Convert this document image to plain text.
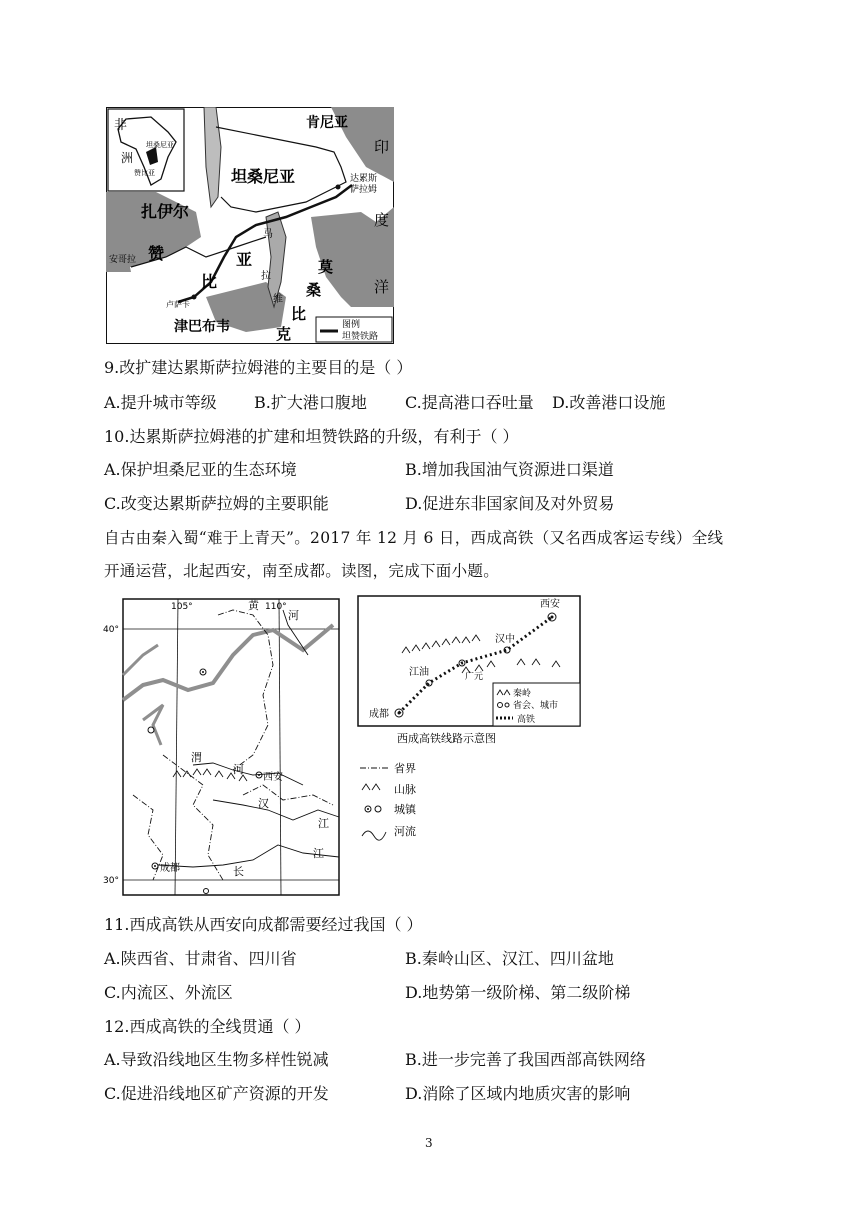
非
洲
坦桑尼亚
赞比亚
肯尼亚
坦桑尼亚	达累斯
萨拉姆
印
度
洋
扎伊尔
安哥拉 赞	亚
比
马
拉
维
莫
桑
比
克
卢萨卡
津巴布韦	图例
坦赞铁路
9.改扩建达累斯萨拉姆港的主要目的是（ ）
A.提升城市等级 B.扩大港口腹地 C.提高港口吞吐量 D.改善港口设施
10.达累斯萨拉姆港的扩建和坦赞铁路的升级，有利于（ ）
A.保护坦桑尼亚的生态环境	B.增加我国油气资源进口渠道
C.改变达累斯萨拉姆的主要职能	D.促进东非国家间及对外贸易
自古由秦入蜀“难于上青天”。2017 年 12 月 6 日，西成高铁（又名西成客运专线）全线
开通运营，北起西安，南至成都。读图，完成下面小题。
105°	黄 110°
河
40°
30°
渭
河
西安
汉
江
江
成都	长
省界
山脉
城镇
河流
西安
汉中
江油	广元
成都
秦岭
省会、城市
高铁
西成高铁线路示意图
11.西成高铁从西安向成都需要经过我国（ ）
A.陕西省、甘肃省、四川省	B.秦岭山区、汉江、四川盆地
C.内流区、外流区	D.地势第一级阶梯、第二级阶梯
12.西成高铁的全线贯通（ ）
A.导致沿线地区生物多样性锐减	B.进一步完善了我国西部高铁网络
C.促进沿线地区矿产资源的开发	D.消除了区域内地质灾害的影响
3
